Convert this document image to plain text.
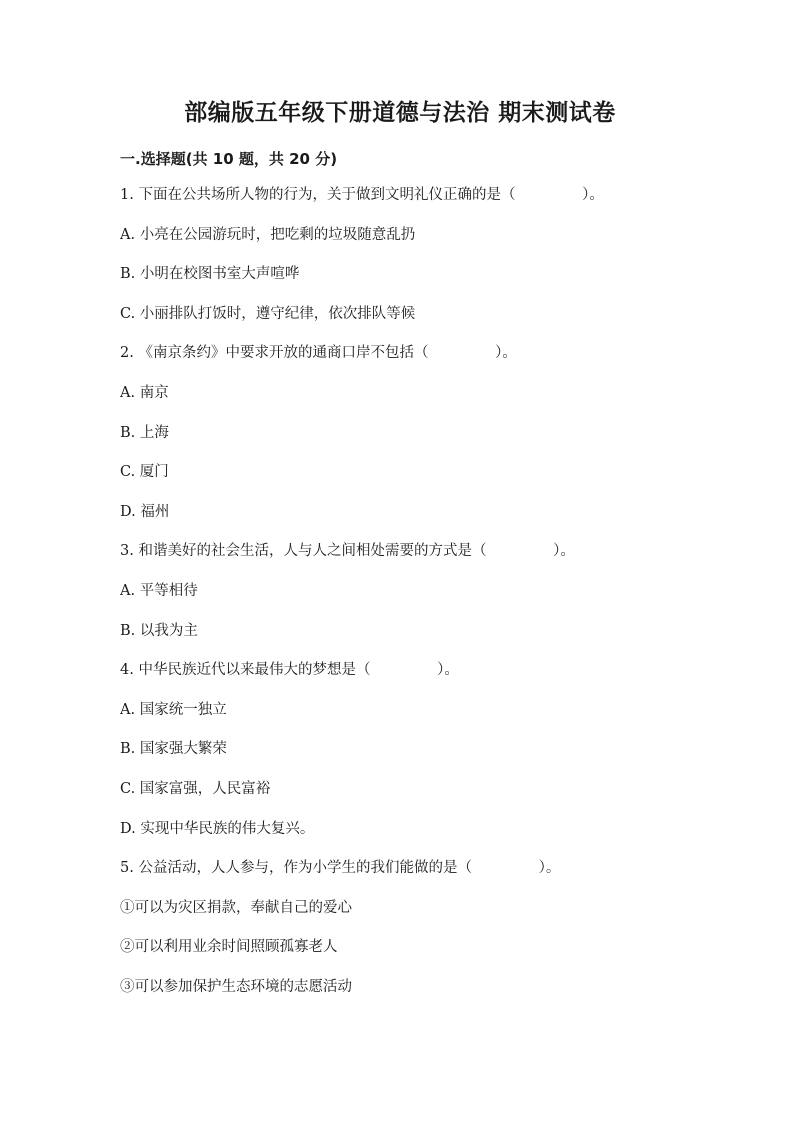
部编版五年级下册道德与法治 期末测试卷
一.选择题(共 10 题，共 20 分)
1. 下面在公共场所人物的行为，关于做到文明礼仪正确的是（	）。
A. 小亮在公园游玩时，把吃剩的垃圾随意乱扔
B. 小明在校图书室大声喧哗
C. 小丽排队打饭时，遵守纪律，依次排队等候
2. 《南京条约》中要求开放的通商口岸不包括（	）。
A. 南京
B. 上海
C. 厦门
D. 福州
3. 和谐美好的社会生活，人与人之间相处需要的方式是（	）。
A. 平等相待
B. 以我为主
4. 中华民族近代以来最伟大的梦想是（	）。
A. 国家统一独立
B. 国家强大繁荣
C. 国家富强，人民富裕
D. 实现中华民族的伟大复兴。
5. 公益活动，人人参与，作为小学生的我们能做的是（	）。
①可以为灾区捐款，奉献自己的爱心
②可以利用业余时间照顾孤寡老人
③可以参加保护生态环境的志愿活动
